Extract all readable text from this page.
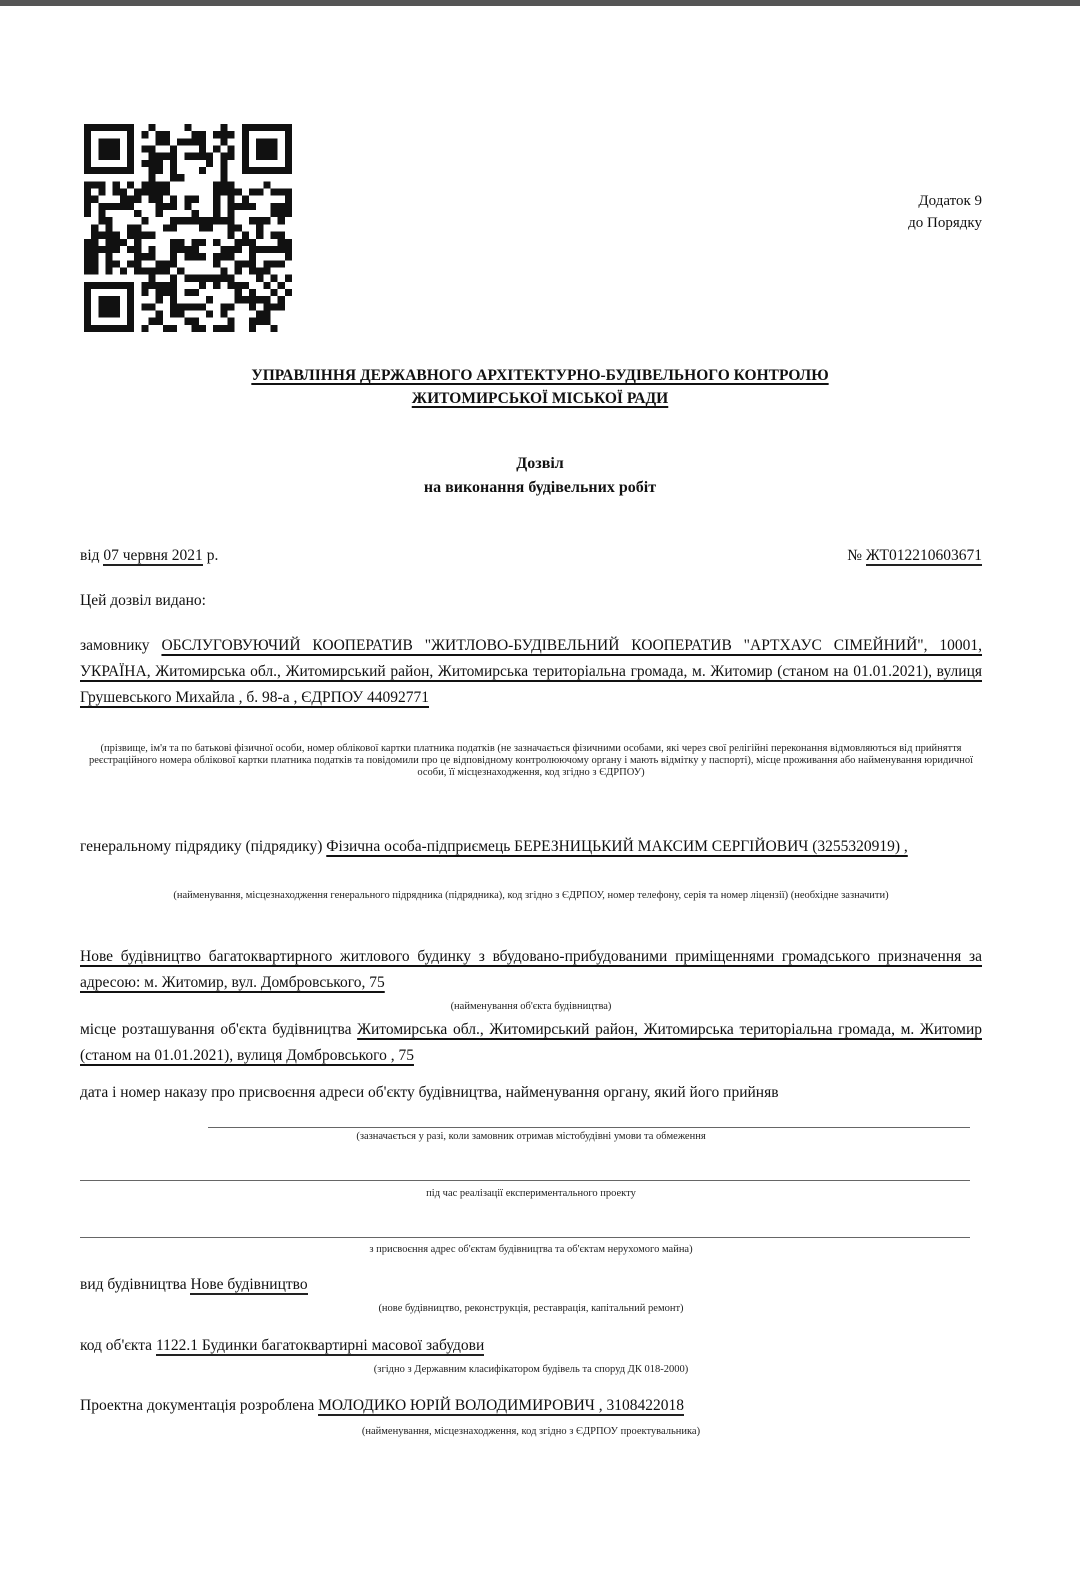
Додаток 9
до Порядку
УПРАВЛІННЯ ДЕРЖАВНОГО АРХІТЕКТУРНО-БУДІВЕЛЬНОГО КОНТРОЛЮ
ЖИТОМИРСЬКОЇ МІСЬКОЇ РАДИ
Дозвіл
на виконання будівельних робіт
від 07 червня 2021 р.	№ ЖТ012210603671
Цей дозвіл видано:
замовнику ОБСЛУГОВУЮЧИЙ КООПЕРАТИВ "ЖИТЛОВО-БУДІВЕЛЬНИЙ КООПЕРАТИВ "АРТХАУС СІМЕЙНИЙ", 10001, УКРАЇНА, Житомирська обл., Житомирський район, Житомирська територіальна громада, м. Житомир (станом на 01.01.2021), вулиця Грушевського Михайла , б. 98-а , ЄДРПОУ 44092771
(прізвище, ім'я та по батькові фізичної особи, номер облікової картки платника податків (не зазначається фізичними особами, які через свої релігійні переконання відмовляються від прийняття реєстраційного номера облікової картки платника податків та повідомили про це відповідному контролюючому органу і мають відмітку у паспорті), місце проживання або найменування юридичної особи, її місцезнаходження, код згідно з ЄДРПОУ)
генеральному підрядику (підрядику) Фізична особа-підприємець БЕРЕЗНИЦЬКИЙ МАКСИМ СЕРГІЙОВИЧ (3255320919) ,
(найменування, місцезнаходження генерального підрядника (підрядника), код згідно з ЄДРПОУ, номер телефону, серія та номер ліцензії) (необхідне зазначити)
Нове будівництво багатоквартирного житлового будинку з вбудовано-прибудованими приміщеннями громадського призначення за адресою: м. Житомир, вул. Домбровського, 75
(найменування об'єкта будівництва)
місце розташування об'єкта будівництва Житомирська обл., Житомирський район, Житомирська територіальна громада, м. Житомир (станом на 01.01.2021), вулиця Домбровського , 75
дата і номер наказу про присвоєння адреси об'єкту будівництва, найменування органу, який його прийняв
(зазначається у разі, коли замовник отримав містобудівні умови та обмеження
під час реалізації експериментального проекту
з присвоєння адрес об'єктам будівництва та об'єктам нерухомого майна)
вид будівництва Нове будівництво
(нове будівництво, реконструкція, реставрація, капітальний ремонт)
код об'єкта 1122.1 Будинки багатоквартирні масової забудови
(згідно з Державним класифікатором будівель та споруд ДК 018-2000)
Проектна документація розроблена МОЛОДИКО ЮРІЙ ВОЛОДИМИРОВИЧ , 3108422018
(найменування, місцезнаходження, код згідно з ЄДРПОУ проектувальника)
